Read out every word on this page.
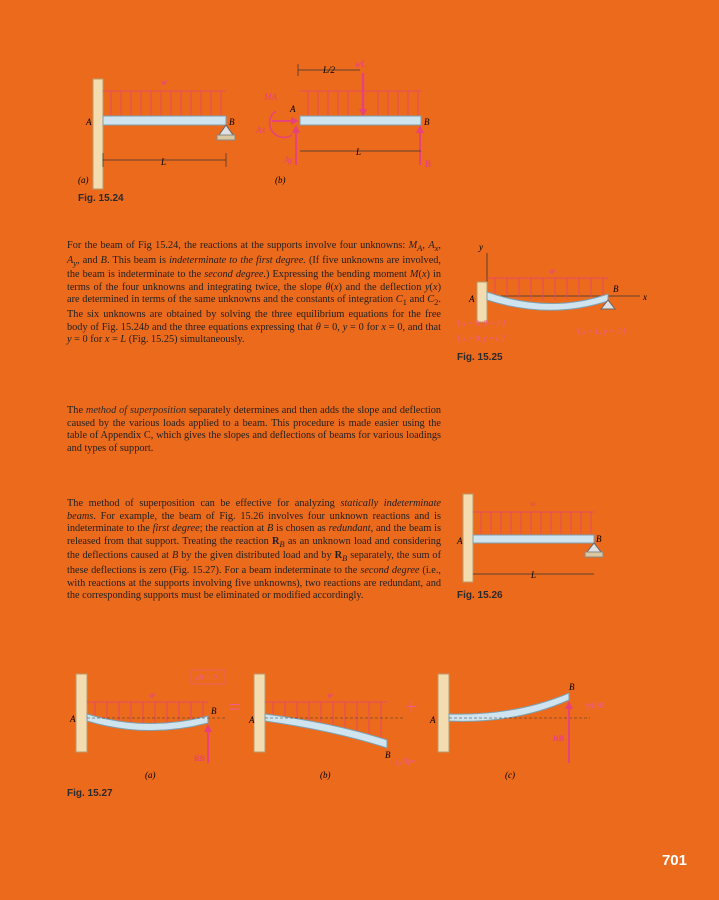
w
A	B
L
(a)
L/2
wL
MA
A
Ax
Ay	B
B
L
(b)
Fig. 15.24
For the beam of Fig 15.24, the reactions at the supports involve four unknowns: $M_A$, $A_x$, $A_y$, and B. This beam is indeterminate to the first degree. (If five unknowns are involved, the beam is indeterminate to the second degree.) Expressing the bending moment M(x) in terms of the four unknowns and integrating twice, the slope θ(x) and the deflection y(x) are determined in terms of the same unknowns and the constants of integration $C_1$ and $C_2$. The six unknowns are obtained by solving the three equilibrium equations for the free body of Fig. 15.24b and the three equations expressing that θ = 0, y = 0 for x = 0, and that y = 0 for x = L (Fig. 15.25) simultaneously.
y
x
w
A
B
[ x = 0, θ = 0 ]
[ x = 0, y = 0 ]
[ x = L, y = 0 ]
Fig. 15.25
The method of superposition separately determines and then adds the slope and deflection caused by the various loads applied to a beam. This procedure is made easier using the table of Appendix C, which gives the slopes and deflections of beams for various loadings and types of support.
The method of superposition can be effective for analyzing statically indeterminate beams. For example, the beam of Fig. 15.26 involves four unknown reactions and is indeterminate to the first degree; the reaction at B is chosen as redundant, and the beam is released from that support. Treating the reaction $R_B$ as an unknown load and considering the deflections caused at B by the given distributed load and by $R_B$ separately, the sum of these deflections is zero (Fig. 15.27). For a beam indeterminate to the second degree (i.e., with reactions at the supports involving five unknowns), two reactions are redundant, and the corresponding supports must be eliminated or modified accordingly.
w
A	B
L
Fig. 15.26
yB = 0
w
A
B
RB
(a)
=	w
A
B
(yB)w
(b)
+
A
B
(yB)R
RB
(c)
Fig. 15.27
701
